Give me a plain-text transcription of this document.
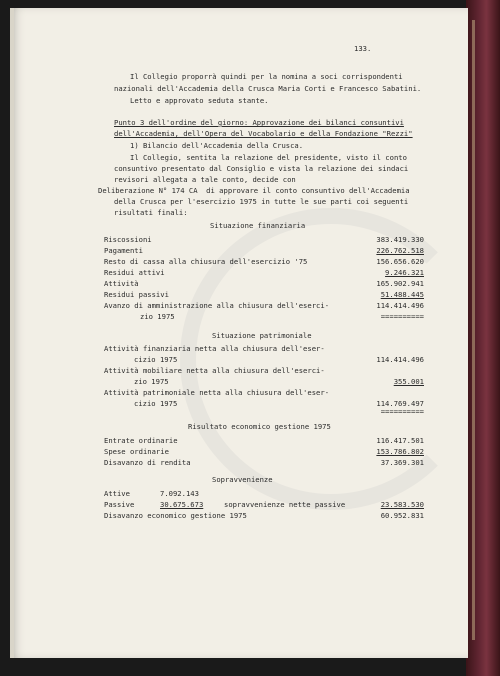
133.
Il Collegio proporrà quindi per la nomina a soci corrispondenti
nazionali dell'Accademia della Crusca Maria Corti e Francesco Sabatini.
Letto e approvato seduta stante.
Punto 3 dell'ordine del giorno: Approvazione dei bilanci consuntivi
dell'Accademia, dell'Opera del Vocabolario e della Fondazione "Rezzi"
1) Bilancio dell'Accademia della Crusca.
Il Collegio, sentita la relazione del presidente, visto il conto
consuntivo presentato dal Consiglio e vista la relazione dei sindaci
revisori allegata a tale conto, decide con
Deliberazione N° 174 CA  di approvare il conto consuntivo dell'Accademia
della Crusca per l'esercizio 1975 in tutte le sue parti coi seguenti
risultati finali:
Situazione finanziaria
Riscossioni	383.419.330
Pagamenti	226.762.518
Resto di cassa alla chiusura dell'esercizio '75	156.656.620
Residui attivi	9.246.321
Attività	165.902.941
Residui passivi	51.488.445
Avanzo di amministrazione alla chiusura dell'eserci-	114.414.496
zio 1975	==========
Situazione patrimoniale
Attività finanziaria netta alla chiusura dell'eser-
cizio 1975	114.414.496
Attività mobiliare netta alla chiusura dell'eserci-
zio 1975	355.001
Attività patrimoniale netta alla chiusura dell'eser-
cizio 1975	114.769.497
==========
Risultato economico gestione 1975
Entrate ordinarie	116.417.501
Spese ordinarie	153.786.802
Disavanzo di rendita	37.369.301
Sopravvenienze
Attive	7.092.143
Passive	30.675.673	sopravvenienze nette passive	23.583.530
Disavanzo economico gestione 1975	60.952.831
